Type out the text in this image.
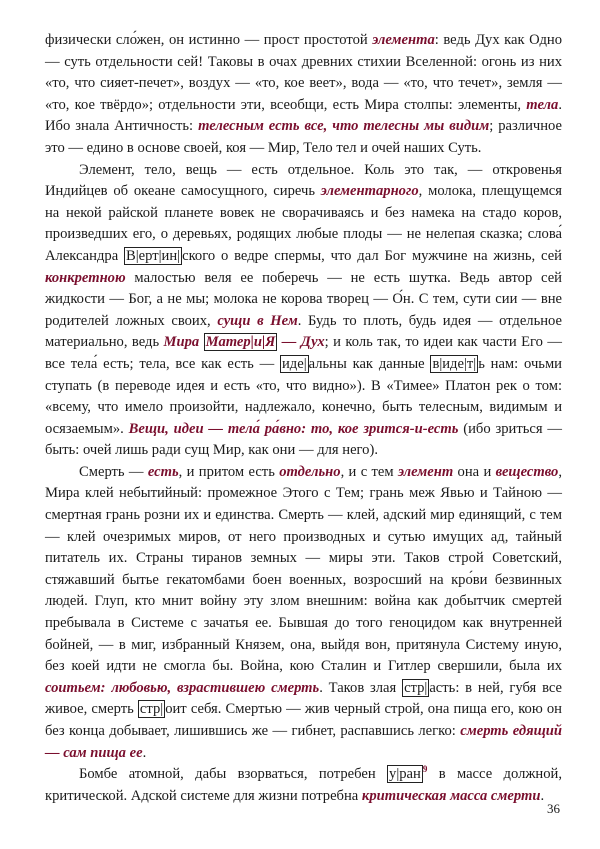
физически сло́жен, он истинно — прост простотой элемента: ведь Дух как Одно — суть отдельности сей! Таковы в очах древних стихии Вселенной: огонь из них «то, что сияет-печет», воздух — «то, кое веет», вода — «то, что течет», земля — «то, кое твёрдо»; отдельности эти, всеобщи, есть Мира столпы: элементы, тела. Ибо знала Античность: телесным есть все, что телесны мы видим; различное это — едино в основе своей, коя — Мир, Тело тел и очей наших Суть.

Элемент, тело, вещь — есть отдельное. Коль это так, — откровенья Индийцев об океане самосущного, сиречь элементарного, молока, плещущемся на некой райской планете вовек не сворачиваясь и без намека на стадо коров, произведших его, о деревьях, родящих любые плоды — не нелепая сказка; слова́ Александра В|ерт|ин| ского о ведре спермы, что дал Бог мужчине на жизнь, сей конкретною малостью веля ее поберечь — не есть шутка. Ведь автор сей жидкости — Бог, а не мы; молока не корова творец — О́н. С тем, сути сии — вне родителей ложных своих, сущи в Нем. Будь то плоть, будь идея — отдельное материально, ведь Мира Матер|и|Я — Дух; и коль так, то идеи как части Его — все тела́ есть; тела, все как есть — иде| альны как данные в|иде|т| ь нам: очьми ступать (в переводе идея и есть «то, что видно»). В «Тимее» Платон рек о том: «всему, что имело произойти, надлежало, конечно, быть телесным, видимым и осязаемым». Вещи, идеи — тела́ ра́вно: то, кое зрится-и-есть (ибо зриться — быть: очей лишь ради сущ Мир, как они — для него).

Смерть — есть, и притом есть отдельно, и с тем элемент она и вещество, Мира клей небытийный: промежное Этого с Тем; грань меж Явью и Тайною — смертная грань розни их и единства. Смерть — клей, адский мир единящий, с тем — клей очезримых миров, от него производных и сутью имущих ад, тайный питатель их. Страны тиранов земных — миры эти. Таков строй Советский, стяжавший бытье гекатомбами боен военных, возросший на кро́ви безвинных людей. Глуп, кто мнит войну эту злом внешним: война как добытчик смертей пребывала в Системе с зачатья ее. Бывшая до того геноцидом как внутренней бойней, — в миг, избранный Князем, она, выйдя вон, притянула Систему иную, без коей идти не смогла бы. Война, кою Сталин и Гитлер свершили, была их соитьем: любовью, взрастившею смерть. Таков злая стр| асть: в ней, губя все живое, смерть стр| оит себя. Смертью — жив черный строй, она пища его, кою он без конца добывает, лишившись же — гибнет, распавшись легко: смерть едящий — сам пища ее.

Бомбе атомной, дабы взорваться, потребен у|ран $^9$ в массе должной, критической. Адской системе для жизни потребна критическая масса смерти.

36
